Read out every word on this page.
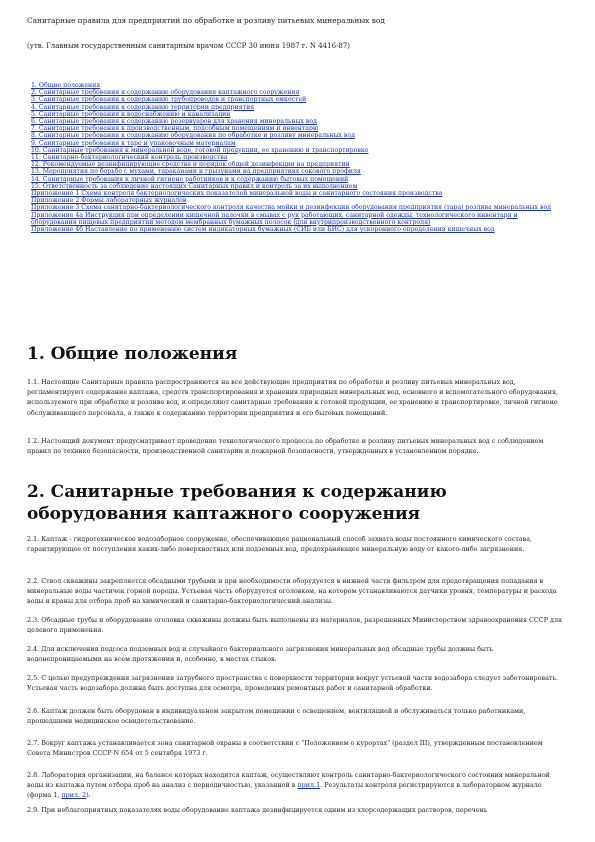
Санитарные правила для предприятий по обработке и розливу питьевых минеральных вод
(утв. Главным государственным санитарным врачом СССР 30 июня 1987 г. N 4416-87)
1. Общие положения
2. Санитарные требования к содержанию оборудования каптажного сооружения
3. Санитарные требования к содержанию трубопроводов и транспортных емкостей
4. Санитарные требования к содержанию территории предприятия
5. Санитарные требования к водоснабжению и канализации
6. Санитарные требования к содержанию резервуаров для хранения минеральных вод
7. Санитарные требования к производственным, подсобным помещениям и инвентарю
8. Санитарные требования к содержанию оборудования по обработке и розливу минеральных вод
9. Санитарные требования к таре и упаковочным материалам
10. Санитарные требования к минеральной воде, готовой продукции, ее хранению и транспортировке
11. Санитарно-бактериологический контроль производства
12. Рекомендуемые дезинфицирующие средства и порядок общей дезинфекции на предприятии
13. Мероприятия по борьбе с мухами, тараканами и грызунами на предприятиях сокового профиля
14. Санитарные требования к личной гигиене работников и к содержанию бытовых помещений
15. Ответственность за соблюдение настоящих Санитарных правил и контроль за их выполнением
Приложение 1 Схема контроля бактериологических показателей минеральной воды и санитарного состояния производства
Приложение 2 Формы лабораторных журналов
Приложение 3 Схема санитарно-бактериологического контроля качества мойки и дезинфекции оборудования предприятия (тара) розлива минеральных вод
Приложение 4а Инструкция при определении кишечной палочки в смывах с рук работающих, санитарной одежды, технологического инвентаря и оборудования пищевых предприятий методом мембранных бумажных полосок (для внутрипроизводственного контроля)
Приложение 4б Наставление по применению систем индикаторных бумажных (СИБ или БИС) для ускоренного определения кишечных вод
1. Общие положения
1.1. Настоящие Санитарные правила распространяются на все действующие предприятия по обработке и розливу питьевых минеральных вод, регламентируют содержание каптажа, средств транспортирования и хранения природных минеральных вод, основного и вспомогательного оборудования, используемого при обработке и розливе вод, и определяют санитарные требования к готовой продукции, ее хранению и транспортировке, личной гигиене обслуживающего персонала, а также к содержанию территории предприятия и его бытовых помещений.
1.2. Настоящий документ предусматривает проведение технологического процесса по обработке и розливу питьевых минеральных вод с соблюдением правил по технике безопасности, производственной санитарии и пожарной безопасности, утвержденных в установленном порядке.
2. Санитарные требования к содержанию оборудования каптажного сооружения
2.1. Каптаж - гидротехническое водозаборное сооружение, обеспечивающее рациональный способ захвата воды постоянного химического состава, гарантирующее от поступления каких-либо поверхностных или подземных вод, предохраняющее минеральную воду от какого-либо загрязнения.
2.2. Ствол скважины закрепляется обсадными трубами и при необходимости оборудуется в нижней части фильтром для предотвращения попадания в минеральные воды частичек горной породы. Устьевая часть оборудуется оголовком, на котором устанавливаются датчики уровня, температуры и расхода воды и краны для отбора проб на химический и санитарно-бактериологический анализы.
2.3. Обсадные трубы и оборудование оголовка скважины должны быть выполнены из материалов, разрешенных Министерством здравоохранения СССР для целевого применения.
2.4. Для исключения подсоса подземных вод и случайного бактериального загрязнения минеральных вод обсадные трубы должны быть водонепроницаемыми на всем протяжении и, особенно, в местах стыков.
2.5. С целью предупреждения загрязнения затрубного пространства с поверхности территории вокруг устьевой части водозабора следует забетонировать. Устьевая часть водозабора должна быть доступна для осмотра, проведения ремонтных работ и санитарной обработки.
2.6. Каптаж должен быть оборудован в индивидуальном закрытом помещении с освещением, вентиляцией и обслуживаться только работниками, прошедшими медицинское освидетельствование.
2.7. Вокруг каптажа устанавливается зона санитарной охраны в соответствии с "Положением о курортах" (раздел III), утвержденным постановлением Совета Министров СССР N 654 от 5 сентября 1973 г.
2.8. Лаборатория организации, на балансе которых находится каптаж, осуществляют контроль санитарно-бактериологического состояния минеральной воды из каптажа путем отбора проб на анализ с периодичностью, указанной в прил.1. Результаты контроля регистрируются в лабораторном журнале (форма 1, прил. 2).
2.9. При неблагоприятных показателях воды оборудование каптажа дезинфицируется одним из хлорсодержащих растворов, перечень
